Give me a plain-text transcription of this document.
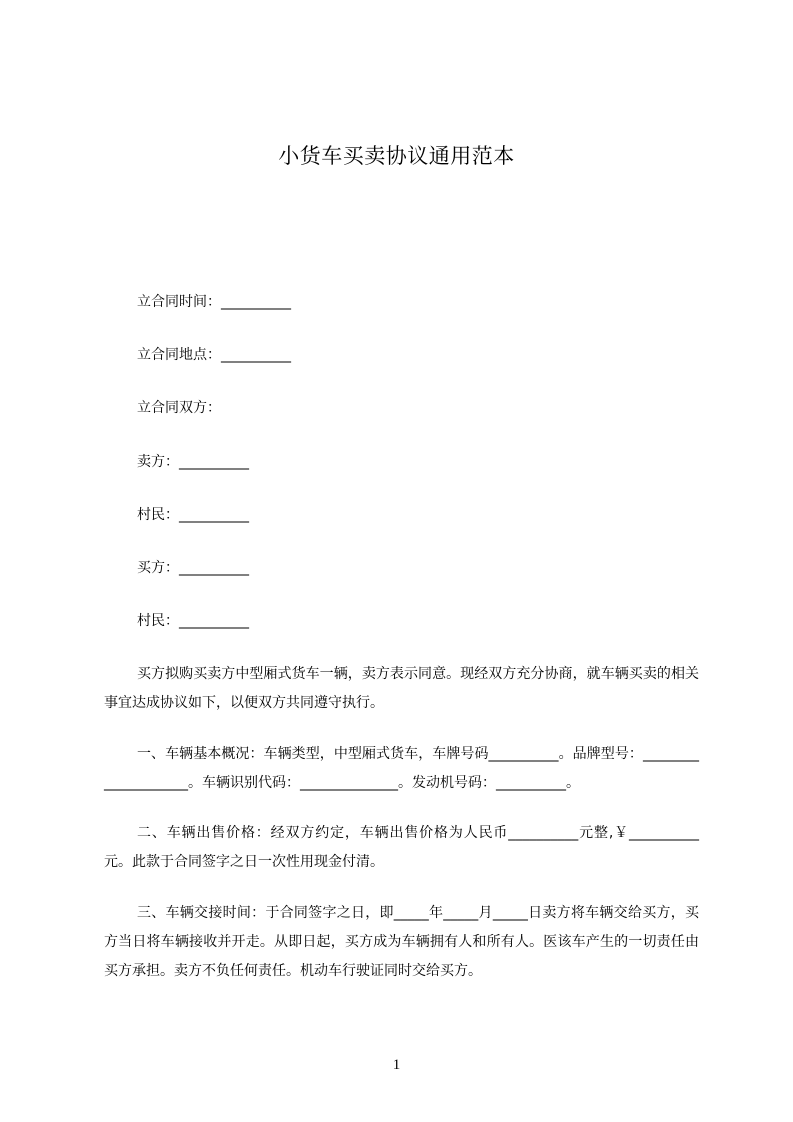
小货车买卖协议通用范本
立合同时间：__________
立合同地点：__________
立合同双方：
卖方：__________
村民：__________
买方：__________
村民：__________
买方拟购买卖方中型厢式货车一辆，卖方表示同意。现经双方充分协商，就车辆买卖的相关事宜达成协议如下，以便双方共同遵守执行。
一、车辆基本概况：车辆类型，中型厢式货车，车牌号码__________。品牌型号：____________________。车辆识别代码：______________。发动机号码：__________。
二、车辆出售价格：经双方约定，车辆出售价格为人民币__________元整,￥__________元。此款于合同签字之日一次性用现金付清。
三、车辆交接时间：于合同签字之日，即_____年_____月_____日卖方将车辆交给买方，买方当日将车辆接收并开走。从即日起，买方成为车辆拥有人和所有人。医该车产生的一切责任由买方承担。卖方不负任何责任。机动车行驶证同时交给买方。
1
